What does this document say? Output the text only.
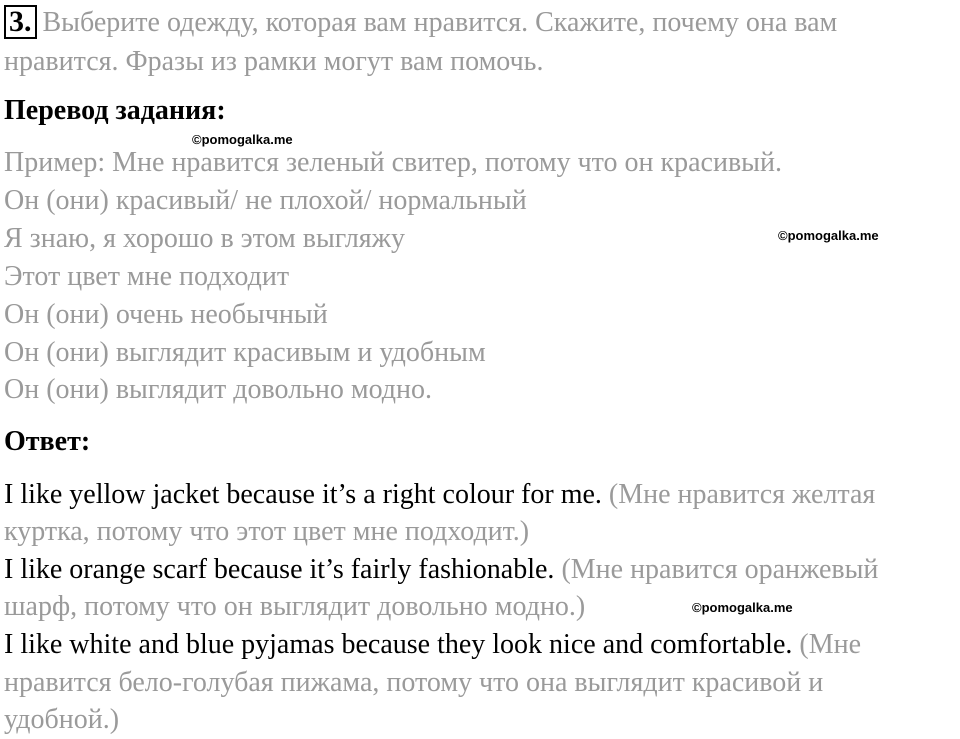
3. Выберите одежду, которая вам нравится. Скажите, почему она вам
нравится. Фразы из рамки могут вам помочь.
Перевод задания:
©pomogalka.me
Пример: Мне нравится зеленый свитер, потому что он красивый.
Он (они) красивый/ не плохой/ нормальный
Я знаю, я хорошо в этом выгляжу	©pomogalka.me
Этот цвет мне подходит
Он (они) очень необычный
Он (они) выглядит красивым и удобным
Он (они) выглядит довольно модно.
Ответ:
I like yellow jacket because it’s a right colour for me. (Мне нравится желтая
куртка, потому что этот цвет мне подходит.)
I like orange scarf because it’s fairly fashionable. (Мне нравится оранжевый
шарф, потому что он выглядит довольно модно.)	©pomogalka.me
I like white and blue pyjamas because they look nice and comfortable. (Мне
нравится бело-голубая пижама, потому что она выглядит красивой и
удобной.)
